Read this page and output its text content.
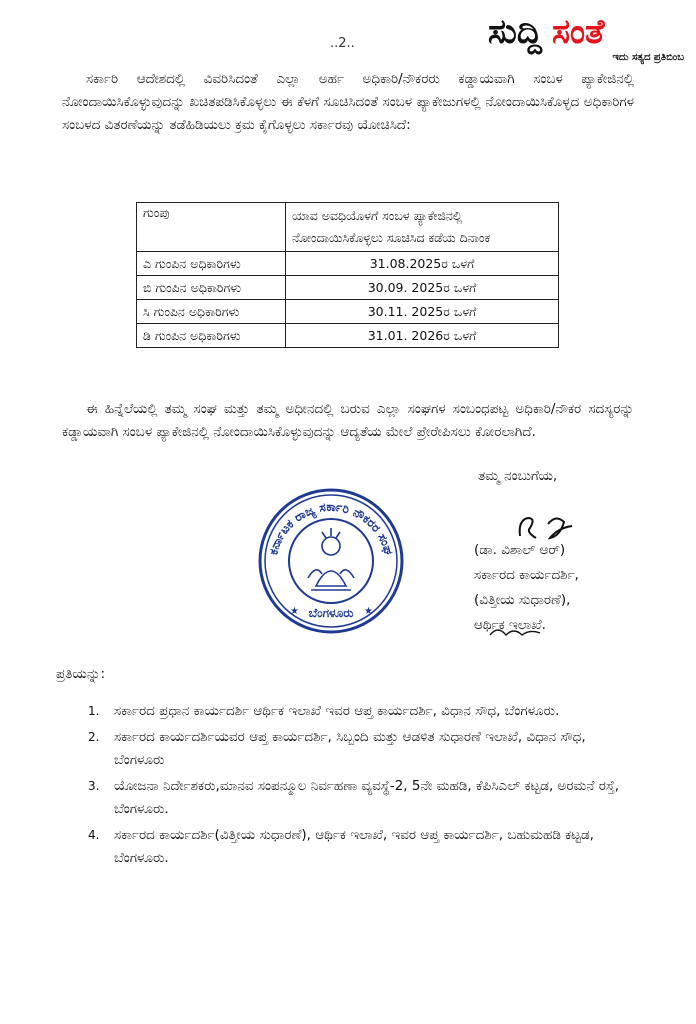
..2..	ಸುದ್ದಿ ಸಂತೆ
ಇದು ಸತ್ಯದ ಪ್ರತಿಬಿಂಬ
ಸರ್ಕಾರಿ ಆದೇಶದಲ್ಲಿ ವಿವರಿಸಿದಂತೆ ಎಲ್ಲಾ ಅರ್ಹ ಅಧಿಕಾರಿ/ನೌಕರರು ಕಡ್ಡಾಯವಾಗಿ ಸಂಬಳ ಪ್ಯಾಕೇಜಿನಲ್ಲಿ ನೋಂದಾಯಿಸಿಕೊಳ್ಳುವುದನ್ನು ಖಚಿತಪಡಿಸಿಕೊಳ್ಳಲು ಈ ಕೆಳಗೆ ಸೂಚಿಸಿದಂತೆ ಸಂಬಳ ಪ್ಯಾಕೇಜುಗಳಲ್ಲಿ ನೋಂದಾಯಿಸಿಕೊಳ್ಳದ ಅಧಿಕಾರಿಗಳ ಸಂಬಳದ ವಿತರಣೆಯನ್ನು ತಡೆಹಿಡಿಯಲು ಕ್ರಮ ಕೈಗೊಳ್ಳಲು ಸರ್ಕಾರವು ಯೋಚಿಸಿದೆ:
ಗುಂಪು	ಯಾವ ಅವಧಿಯೊಳಗೆ ಸಂಬಳ ಪ್ಯಾಕೇಜಿನಲ್ಲಿ
ನೋಂದಾಯಿಸಿಕೊಳ್ಳಲು ಸೂಚಿಸಿದ ಕಡೆಯ ದಿನಾಂಕ

ಎ ಗುಂಪಿನ ಅಧಿಕಾರಿಗಳು	31.08.2025ರ ಒಳಗೆ
ಬಿ ಗುಂಪಿನ ಅಧಿಕಾರಿಗಳು	30.09. 2025ರ ಒಳಗೆ
ಸಿ ಗುಂಪಿನ ಅಧಿಕಾರಿಗಳು	30.11. 2025ರ ಒಳಗೆ
ಡಿ ಗುಂಪಿನ ಅಧಿಕಾರಿಗಳು	31.01. 2026ರ ಒಳಗೆ
ಈ ಹಿನ್ನೆಲೆಯಲ್ಲಿ ತಮ್ಮ ಸಂಘ ಮತ್ತು ತಮ್ಮ ಅಧೀನದಲ್ಲಿ ಬರುವ ಎಲ್ಲಾ ಸಂಘಗಳ ಸಂಬಂಧಪಟ್ಟ ಅಧಿಕಾರಿ/ನೌಕರ ಸದಸ್ಯರನ್ನು ಕಡ್ಡಾಯವಾಗಿ ಸಂಬಳ ಪ್ಯಾಕೇಜಿನಲ್ಲಿ ನೋಂದಾಯಿಸಿಕೊಳ್ಳುವುದನ್ನು ಆದ್ಯತೆಯ ಮೇಲೆ ಪ್ರೇರೇಪಿಸಲು ಕೋರಲಾಗಿದೆ.
ತಮ್ಮ ನಂಬುಗೆಯ,
ಕರ್ನಾಟಕ ರಾಜ್ಯ ಸರ್ಕಾರಿ ನೌಕರರ ಸಂಘ
★	★
ಬೆಂಗಳೂರು
(ಡಾ. ವಿಶಾಲ್ ಆರ್)
ಸರ್ಕಾರದ ಕಾರ್ಯದರ್ಶಿ,
(ವಿತ್ತೀಯ ಸುಧಾರಣೆ),
ಆರ್ಥಿಕ ಇಲಾಖೆ.
ಪ್ರತಿಯನ್ನು:
1. ಸರ್ಕಾರದ ಪ್ರಧಾನ ಕಾರ್ಯದರ್ಶಿ ಆರ್ಥಿಕ ಇಲಾಖೆ ಇವರ ಆಪ್ತ ಕಾರ್ಯದರ್ಶಿ, ವಿಧಾನ ಸೌಧ, ಬೆಂಗಳೂರು.
2. ಸರ್ಕಾರದ ಕಾರ್ಯದರ್ಶಿಯವರ ಆಪ್ತ ಕಾರ್ಯದರ್ಶಿ, ಸಿಬ್ಬಂದಿ ಮತ್ತು ಆಡಳಿತ ಸುಧಾರಣೆ ಇಲಾಖೆ, ವಿಧಾನ ಸೌಧ, ಬೆಂಗಳೂರು
3. ಯೋಜನಾ ನಿರ್ದೇಶಕರು,ಮಾನವ ಸಂಪನ್ಮೂಲ ನಿರ್ವಹಣಾ ವ್ಯವಸ್ಥೆ-2, 5ನೇ ಮಹಡಿ, ಕೆಪಿಸಿಎಲ್ ಕಟ್ಟಡ, ಅರಮನೆ ರಸ್ತೆ, ಬೆಂಗಳೂರು.
4. ಸರ್ಕಾರದ ಕಾರ್ಯದರ್ಶಿ(ವಿತ್ತೀಯ ಸುಧಾರಣೆ), ಆರ್ಥಿಕ ಇಲಾಖೆ, ಇವರ ಆಪ್ತ ಕಾರ್ಯದರ್ಶಿ, ಬಹುಮಹಡಿ ಕಟ್ಟಡ, ಬೆಂಗಳೂರು.
